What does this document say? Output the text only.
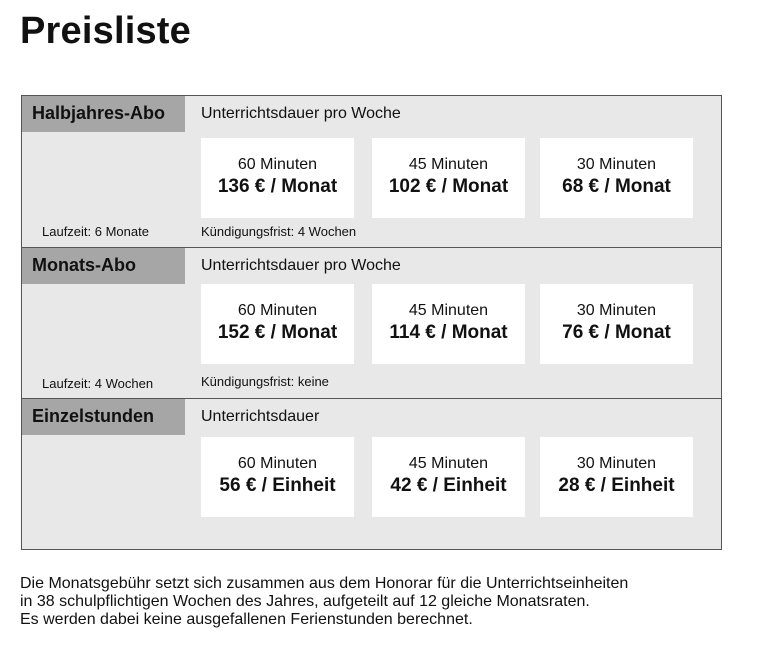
Preisliste
Halbjahres-Abo	Unterrichtsdauer pro Woche
60 Minuten
136 € / Monat
45 Minuten
102 € / Monat
30 Minuten
68 € / Monat
Laufzeit: 6 Monate	Kündigungsfrist: 4 Wochen
Monats-Abo	Unterrichtsdauer pro Woche
60 Minuten
152 € / Monat
45 Minuten
114 € / Monat
30 Minuten
76 € / Monat
Laufzeit: 4 Wochen	Kündigungsfrist: keine
Einzelstunden	Unterrichtsdauer
60 Minuten
56 € / Einheit
45 Minuten
42 € / Einheit
30 Minuten
28 € / Einheit
Die Monatsgebühr setzt sich zusammen aus dem Honorar für die Unterrichtseinheiten
in 38 schulpflichtigen Wochen des Jahres, aufgeteilt auf 12 gleiche Monatsraten.
Es werden dabei keine ausgefallenen Ferienstunden berechnet.
